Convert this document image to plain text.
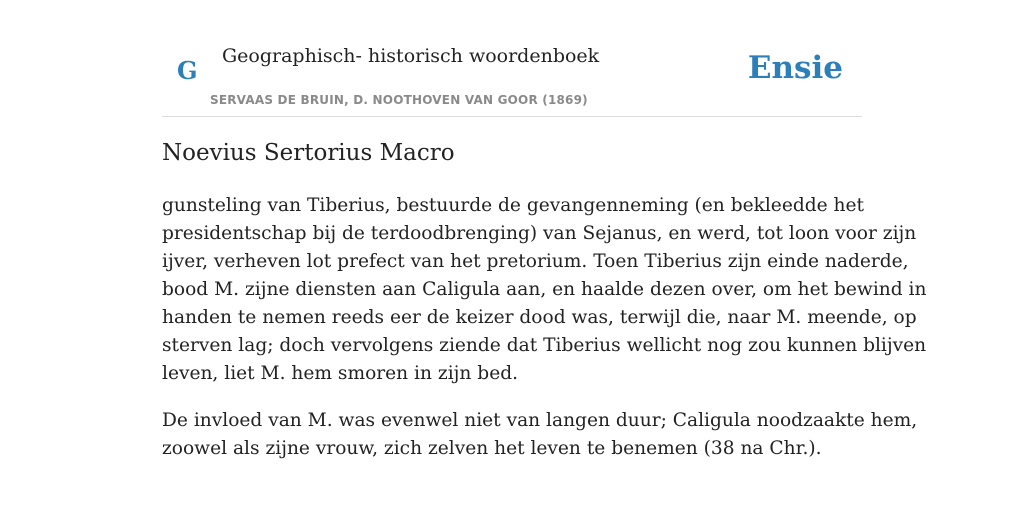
G Geographisch- historisch woordenboek
SERVAAS DE BRUIN, D. NOOTHOVEN VAN GOOR (1869)
Ensie
Noevius Sertorius Macro

gunsteling van Tiberius, bestuurde de gevangenneming (en bekleedde het
presidentschap bij de terdoodbrenging) van Sejanus, en werd, tot loon voor zijn
ijver, verheven lot prefect van het pretorium. Toen Tiberius zijn einde naderde,
bood M. zijne diensten aan Caligula aan, en haalde dezen over, om het bewind in
handen te nemen reeds eer de keizer dood was, terwijl die, naar M. meende, op
sterven lag; doch vervolgens ziende dat Tiberius wellicht nog zou kunnen blijven
leven, liet M. hem smoren in zijn bed.

De invloed van M. was evenwel niet van langen duur; Caligula noodzaakte hem,
zoowel als zijne vrouw, zich zelven het leven te benemen (38 na Chr.).
